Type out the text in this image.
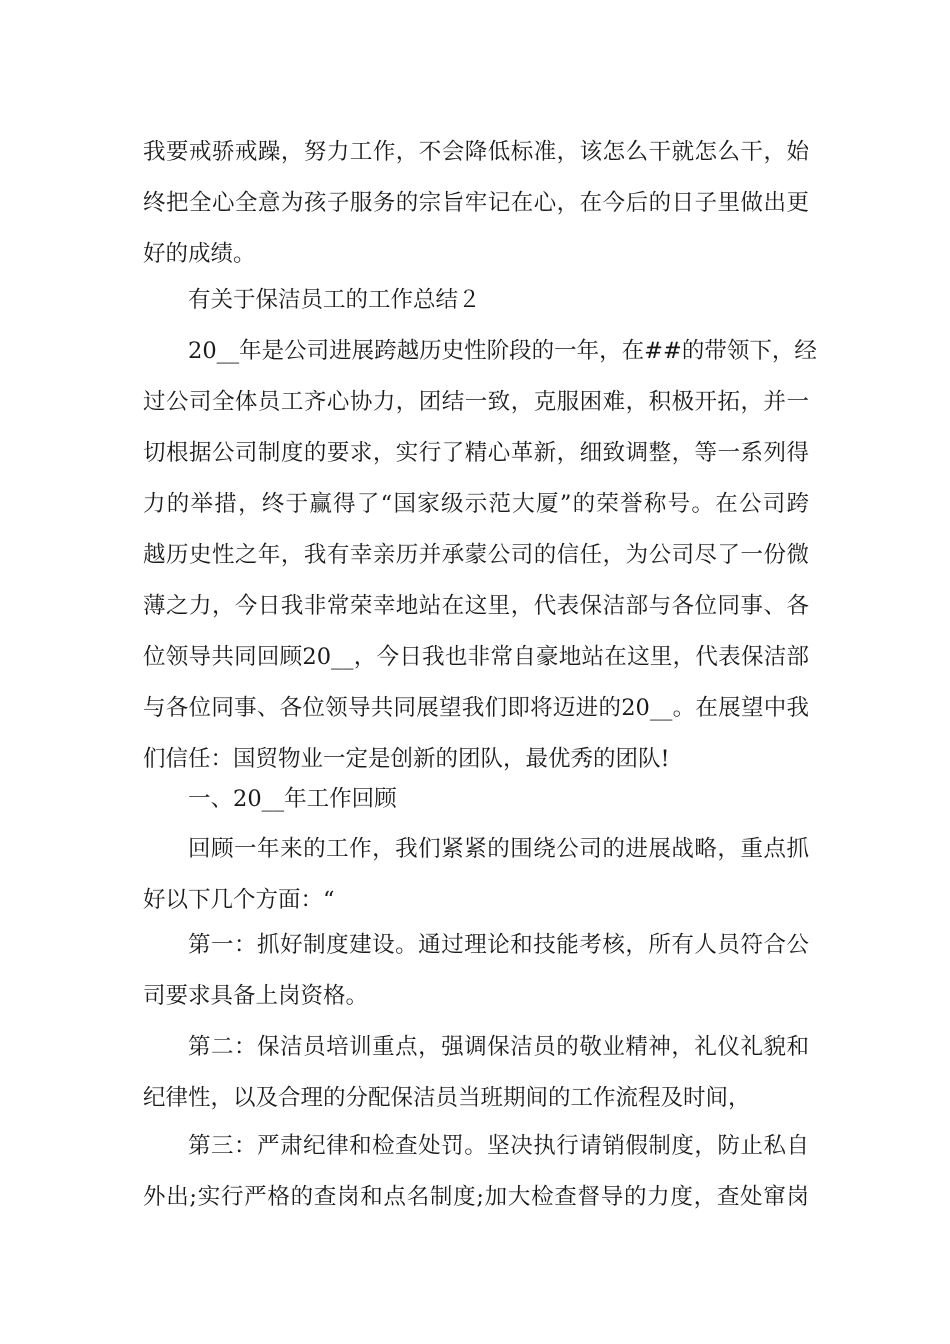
我要戒骄戒躁，努力工作，不会降低标准，该怎么干就怎么干，始
终把全心全意为孩子服务的宗旨牢记在心，在今后的日子里做出更
好的成绩。
有关于保洁员工的工作总结２
20__年是公司进展跨越历史性阶段的一年，在##的带领下，经
过公司全体员工齐心协力，团结一致，克服困难，积极开拓，并一
切根据公司制度的要求，实行了精心革新，细致调整，等一系列得
力的举措，终于赢得了“国家级示范大厦”的荣誉称号。在公司跨
越历史性之年，我有幸亲历并承蒙公司的信任，为公司尽了一份微
薄之力，今日我非常荣幸地站在这里，代表保洁部与各位同事、各
位领导共同回顾20__，今日我也非常自豪地站在这里，代表保洁部
与各位同事、各位领导共同展望我们即将迈进的20__。在展望中我
们信任：国贸物业一定是创新的团队，最优秀的团队!
一、20__年工作回顾
回顾一年来的工作，我们紧紧的围绕公司的进展战略，重点抓
好以下几个方面：“
第一：抓好制度建设。通过理论和技能考核，所有人员符合公
司要求具备上岗资格。
第二：保洁员培训重点，强调保洁员的敬业精神，礼仪礼貌和
纪律性，以及合理的分配保洁员当班期间的工作流程及时间，
第三：严肃纪律和检查处罚。坚决执行请销假制度，防止私自
外出;实行严格的查岗和点名制度;加大检查督导的力度，查处窜岗
